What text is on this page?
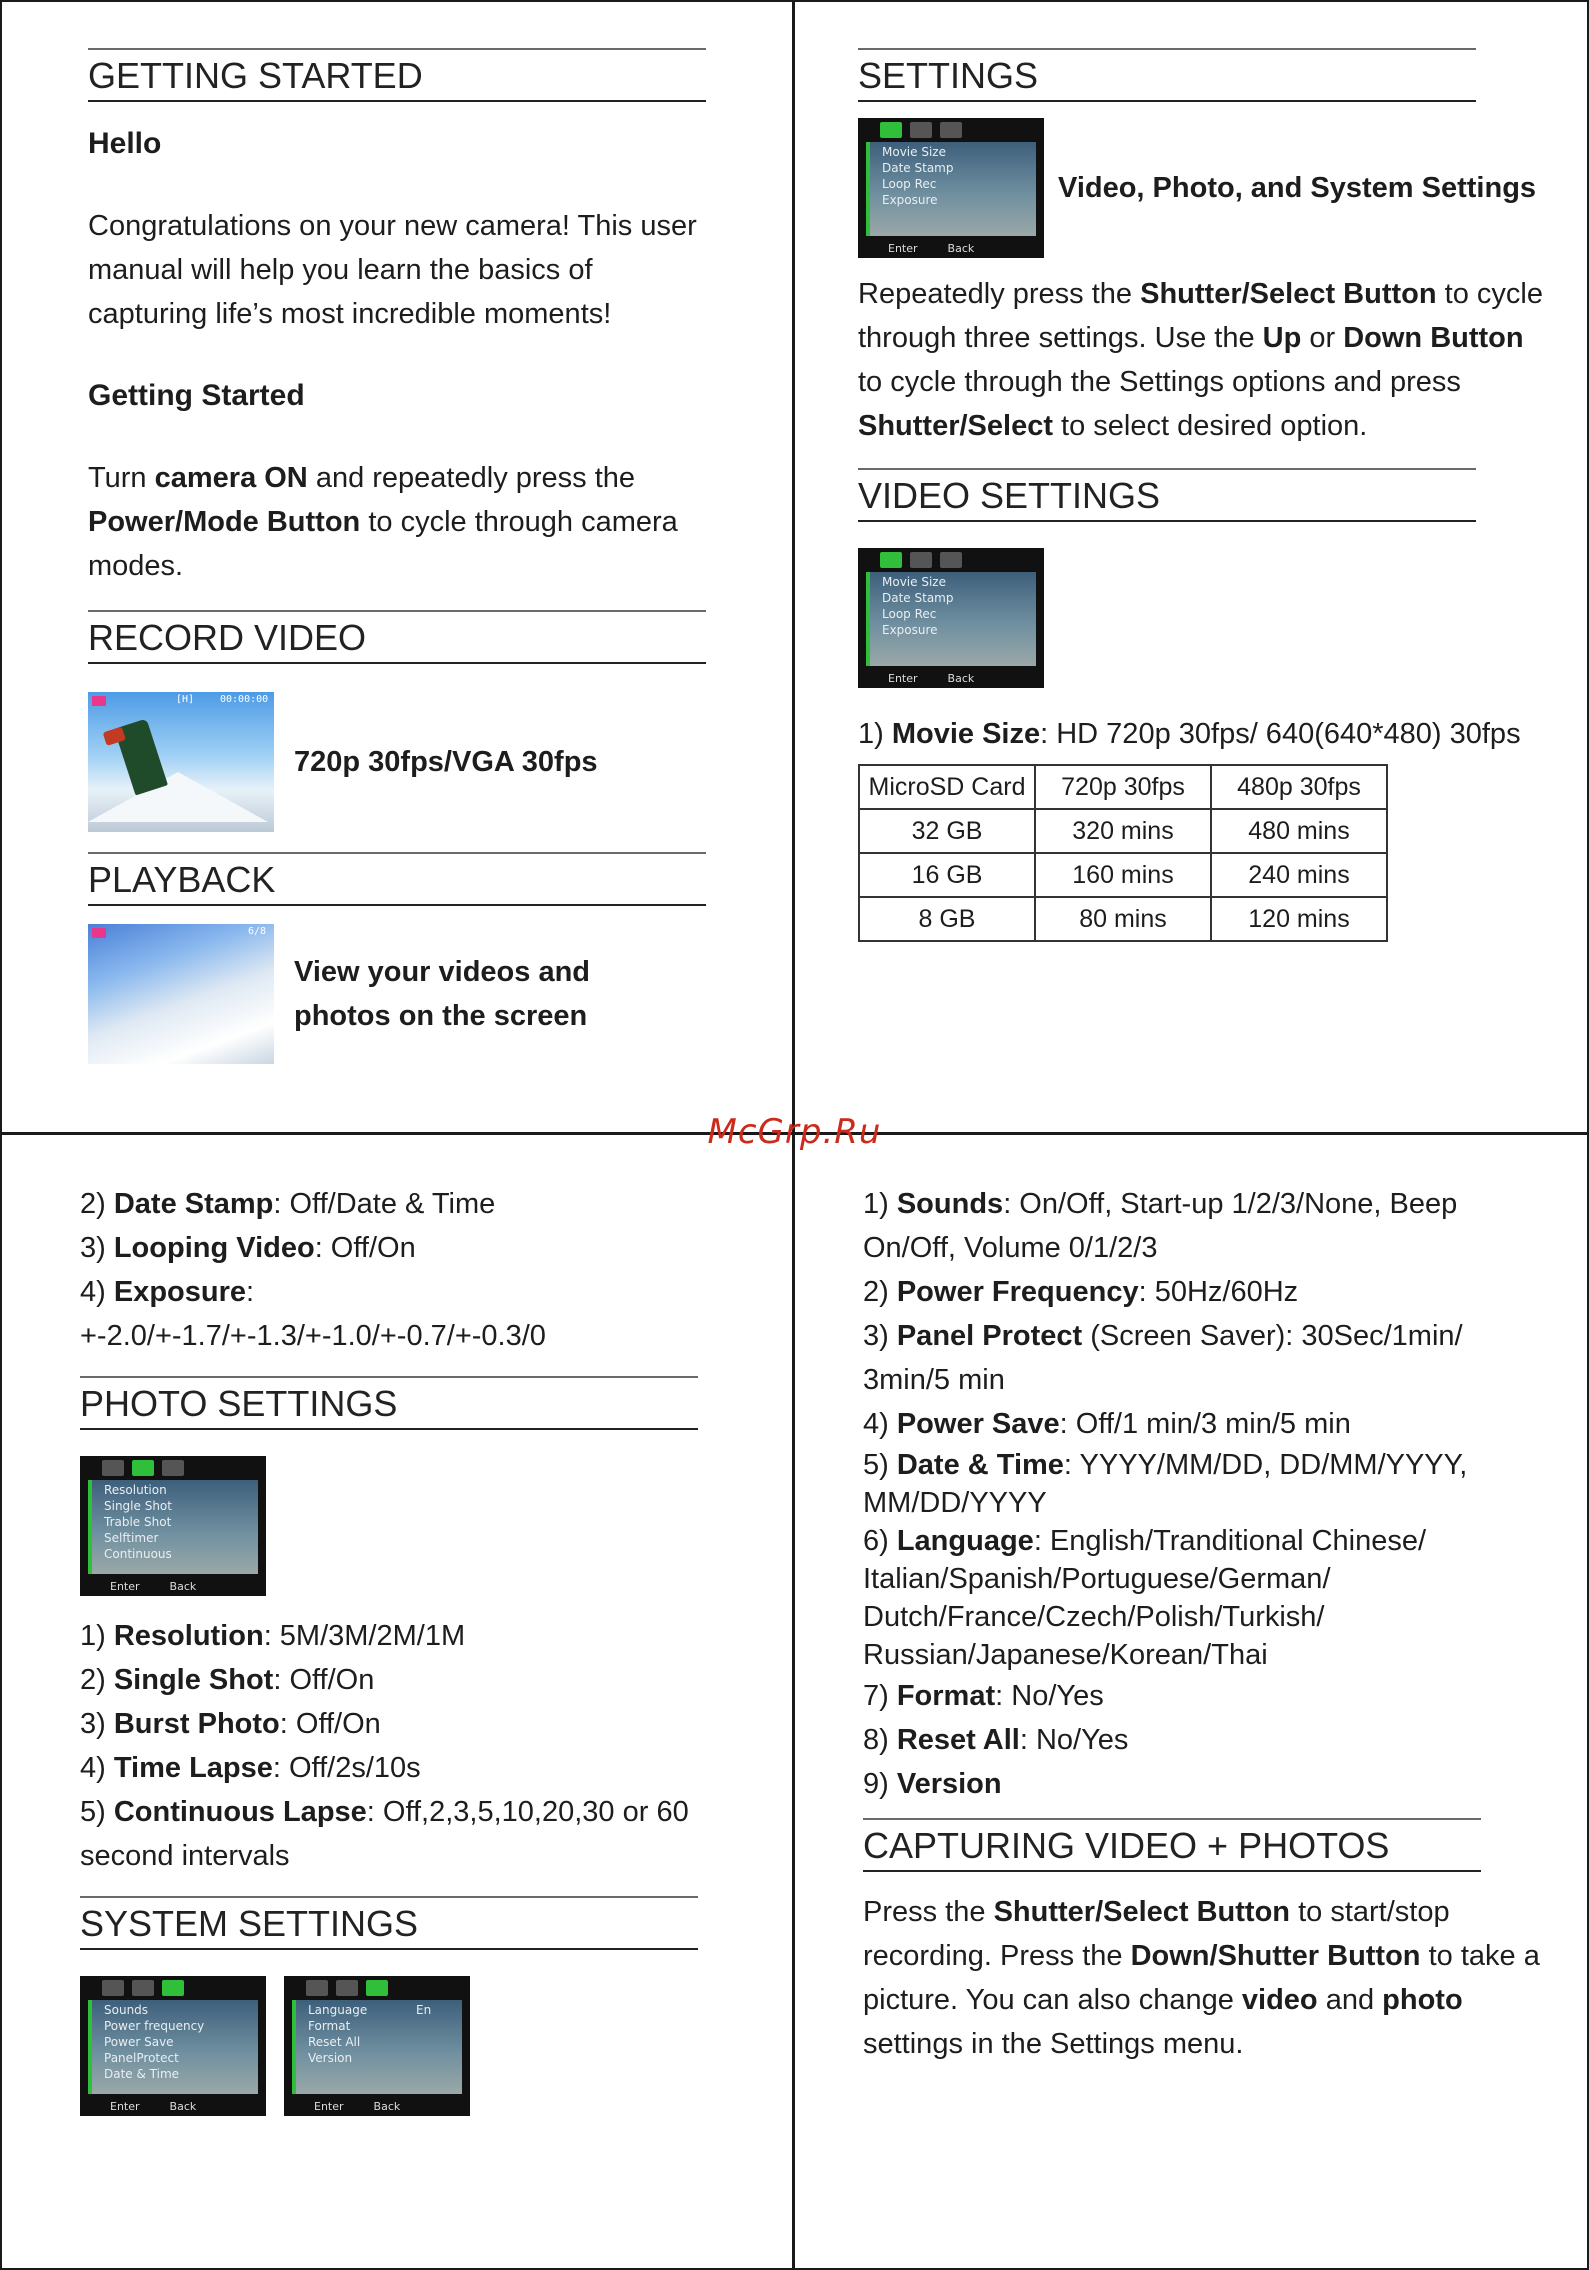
GETTING STARTED
Hello

Congratulations on your new camera! This user manual will help you learn the basics of capturing life’s most incredible moments!

Getting Started

Turn camera ON and repeatedly press the Power/Mode Button to cycle through camera modes.

RECORD VIDEO
[H]	00:00:00
720p 30fps/VGA 30fps
PLAYBACK
6/8
View your videos and
photos on the screen
SETTINGS
Movie Size
Date Stamp
Loop Rec
Exposure
Enter	Back
Video, Photo, and System Settings

Repeatedly press the Shutter/Select Button to cycle through three settings. Use the Up or Down Button to cycle through the Settings options and press Shutter/Select to select desired option.

VIDEO SETTINGS
Movie Size
Date Stamp
Loop Rec
Exposure
Enter	Back

1) Movie Size: HD 720p 30fps/ 640(640*480) 30fps

MicroSD Card	720p 30fps	480p 30fps
32 GB	320 mins	480 mins
16 GB	160 mins	240 mins
8 GB	80 mins	120 mins
McGrp.Ru

2) Date Stamp: Off/Date & Time

3) Looping Video: Off/On

4) Exposure:

+-2.0/+-1.7/+-1.3/+-1.0/+-0.7/+-0.3/0

PHOTO SETTINGS
Resolution
Single Shot
Trable Shot
Selftimer
Continuous
Enter	Back

1) Resolution: 5M/3M/2M/1M

2) Single Shot: Off/On

3) Burst Photo: Off/On

4) Time Lapse: Off/2s/10s

5) Continuous Lapse: Off,2,3,5,10,20,30 or 60 second intervals

SYSTEM SETTINGS
Sounds
Power frequency
Power Save
PanelProtect
Date & Time
Enter	Back
Language	En
Format
Reset All
Version
Enter	Back

1) Sounds: On/Off, Start-up 1/2/3/None, Beep On/Off, Volume 0/1/2/3

2) Power Frequency: 50Hz/60Hz

3) Panel Protect (Screen Saver): 30Sec/1min/ 3min/5 min

4) Power Save: Off/1 min/3 min/5 min

5) Date & Time: YYYY/MM/DD, DD/MM/YYYY, MM/DD/YYYY

6) Language: English/Tranditional Chinese/ Italian/Spanish/Portuguese/German/ Dutch/France/Czech/Polish/Turkish/ Russian/Japanese/Korean/Thai

7) Format: No/Yes

8) Reset All: No/Yes

9) Version

CAPTURING VIDEO + PHOTOS

Press the Shutter/Select Button to start/stop recording. Press the Down/Shutter Button to take a picture. You can also change video and photo settings in the Settings menu.
